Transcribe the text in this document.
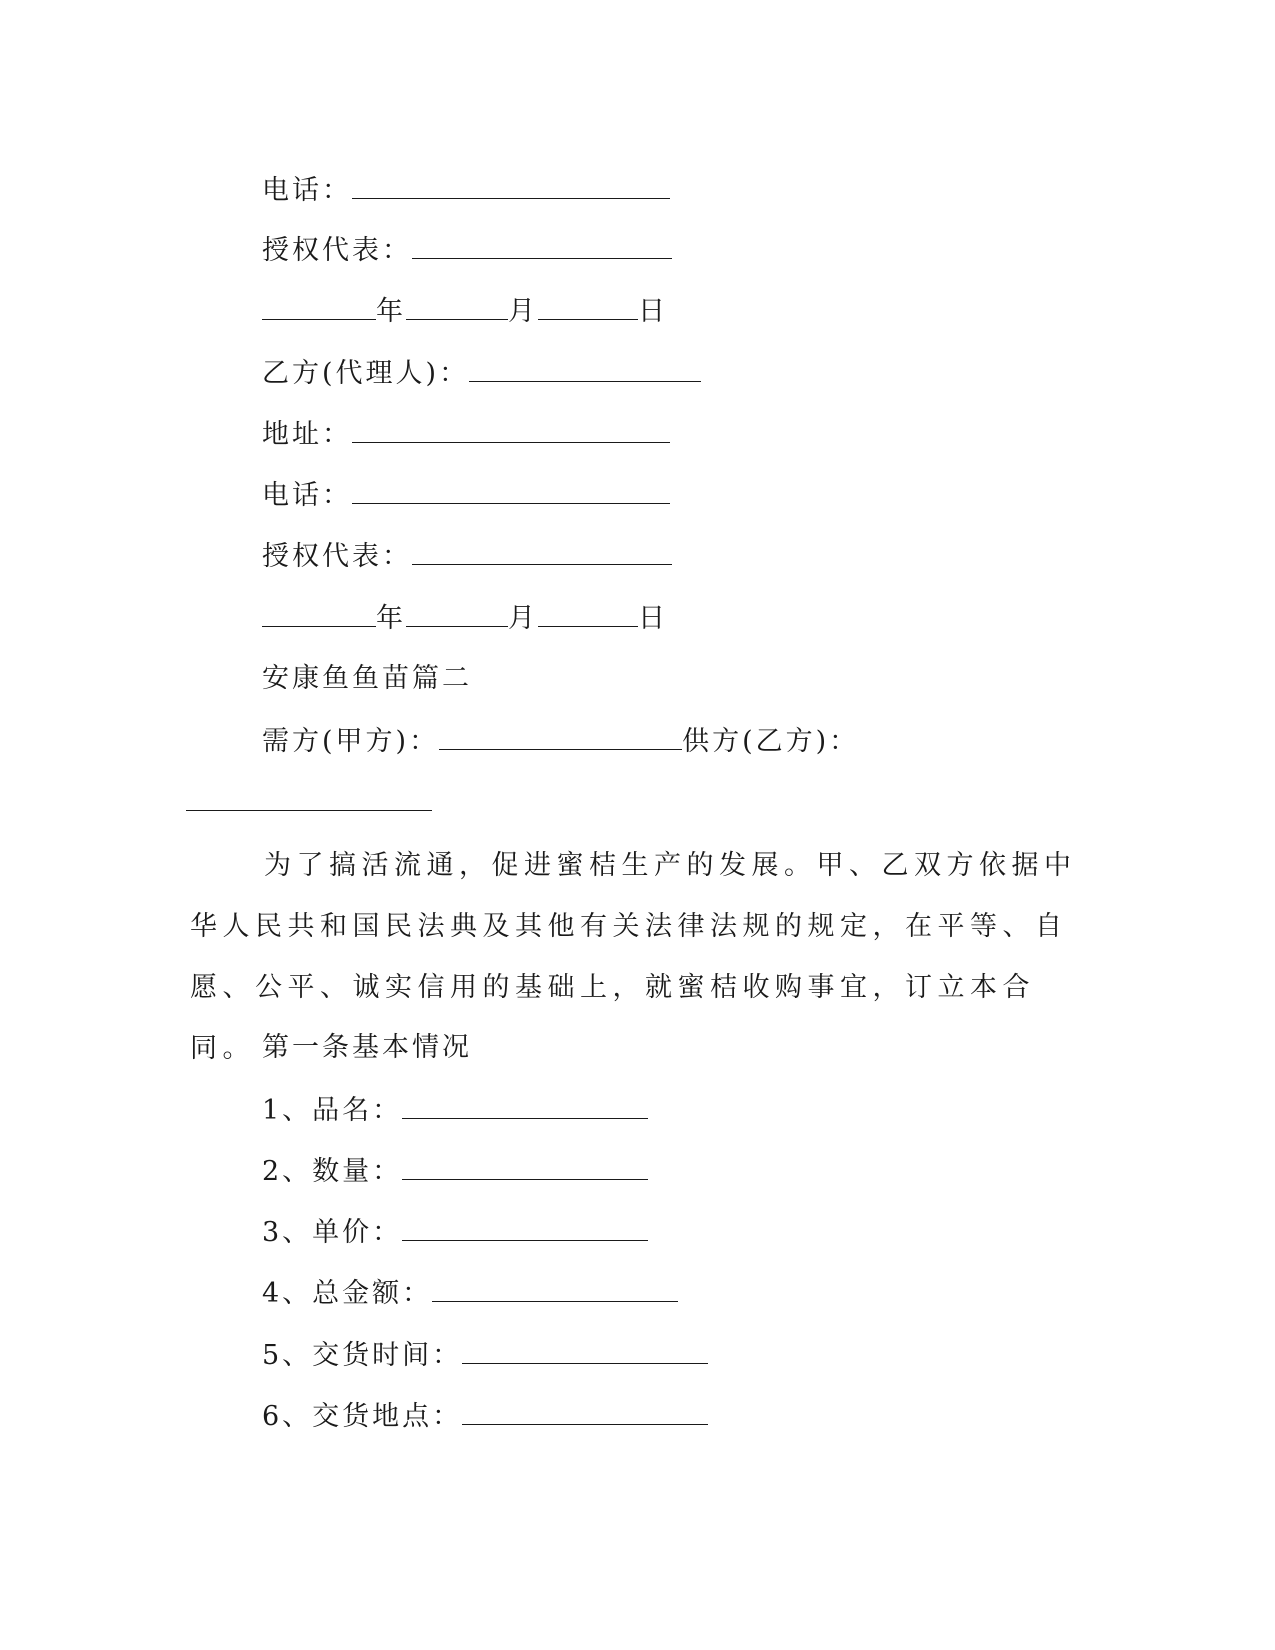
电话：
授权代表：
年	月	日
乙方(代理人)：
地址：
电话：
授权代表：
年	月	日
安康鱼鱼苗篇二
需方(甲方)：	供方(乙方)：
为了搞活流通，促进蜜桔生产的发展。甲、乙双方依据中华人民共和国民法典及其他有关法律法规的规定，在平等、自愿、公平、诚实信用的基础上，就蜜桔收购事宜，订立本合同。 第一条基本情况
1、品名：
2、数量：
3、单价：
4、总金额：
5、交货时间：
6、交货地点：
